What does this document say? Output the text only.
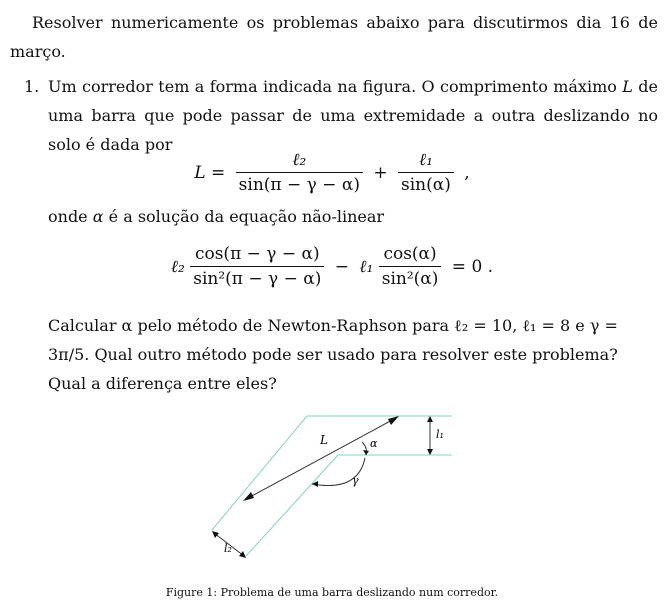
Resolver numericamente os problemas abaixo para discutirmos dia 16 de março.
1. Um corredor tem a forma indicada na figura. O comprimento máximo L de uma barra que pode passar de uma extremidade a outra deslizando no solo é dada por
$L = \frac{\text{ℓ₂}}{\sin(\pi - \gamma - \alpha)} + \frac{\text{ℓ₁}}{\sin(\alpha)}$ ,
onde α é a solução da equação não-linear
ℓ₂ $\frac{\cos(\pi - \gamma - \alpha)}{\text{sin²(π − γ − α)}}$ − ℓ₁ $\frac{\cos(\alpha)}{\text{sin²(α)}} = 0$ .
Calcular α pelo método de Newton-Raphson para ℓ₂ = 10, ℓ₁ = 8 e γ =
3π/5. Qual outro método pode ser usado para resolver este problema?
Qual a diferença entre eles?
L	α
γ
l₁
l₂
Figure 1: Problema de uma barra deslizando num corredor.
